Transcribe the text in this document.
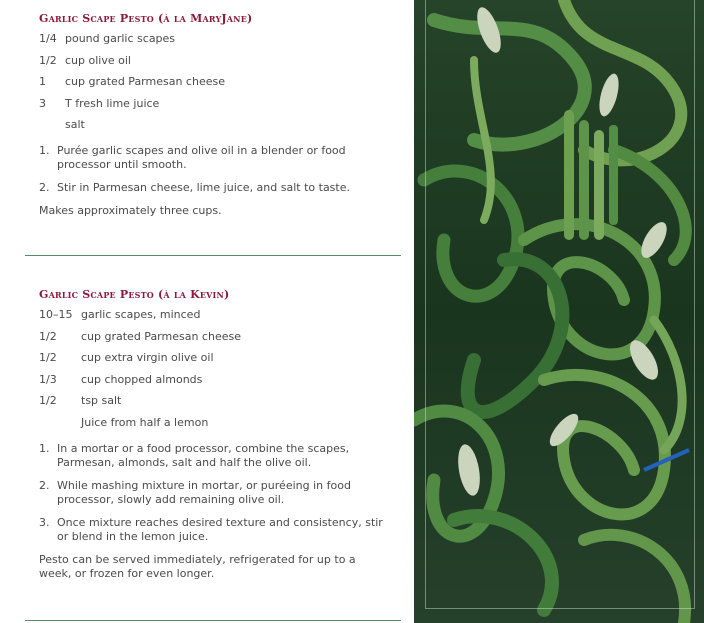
Garlic Scape Pesto (à la MaryJane)
1/4 pound garlic scapes
1/2 cup olive oil
1	cup grated Parmesan cheese
3	T fresh lime juice
salt
1. Purée garlic scapes and olive oil in a blender or food processor until smooth.
2. Stir in Parmesan cheese, lime juice, and salt to taste.

Makes approximately three cups.

Garlic Scape Pesto (à la Kevin)
10–15 garlic scapes, minced
1/2	cup grated Parmesan cheese
1/2	cup extra virgin olive oil
1/3	cup chopped almonds
1/2	tsp salt
Juice from half a lemon
1. In a mortar or a food processor, combine the scapes, Parmesan, almonds, salt and half the olive oil.
2. While mashing mixture in mortar, or puréeing in food processor, slowly add remaining olive oil.
3. Once mixture reaches desired texture and consistency, stir or blend in the lemon juice.

Pesto can be served immediately, refrigerated for up to a week, or frozen for even longer.
